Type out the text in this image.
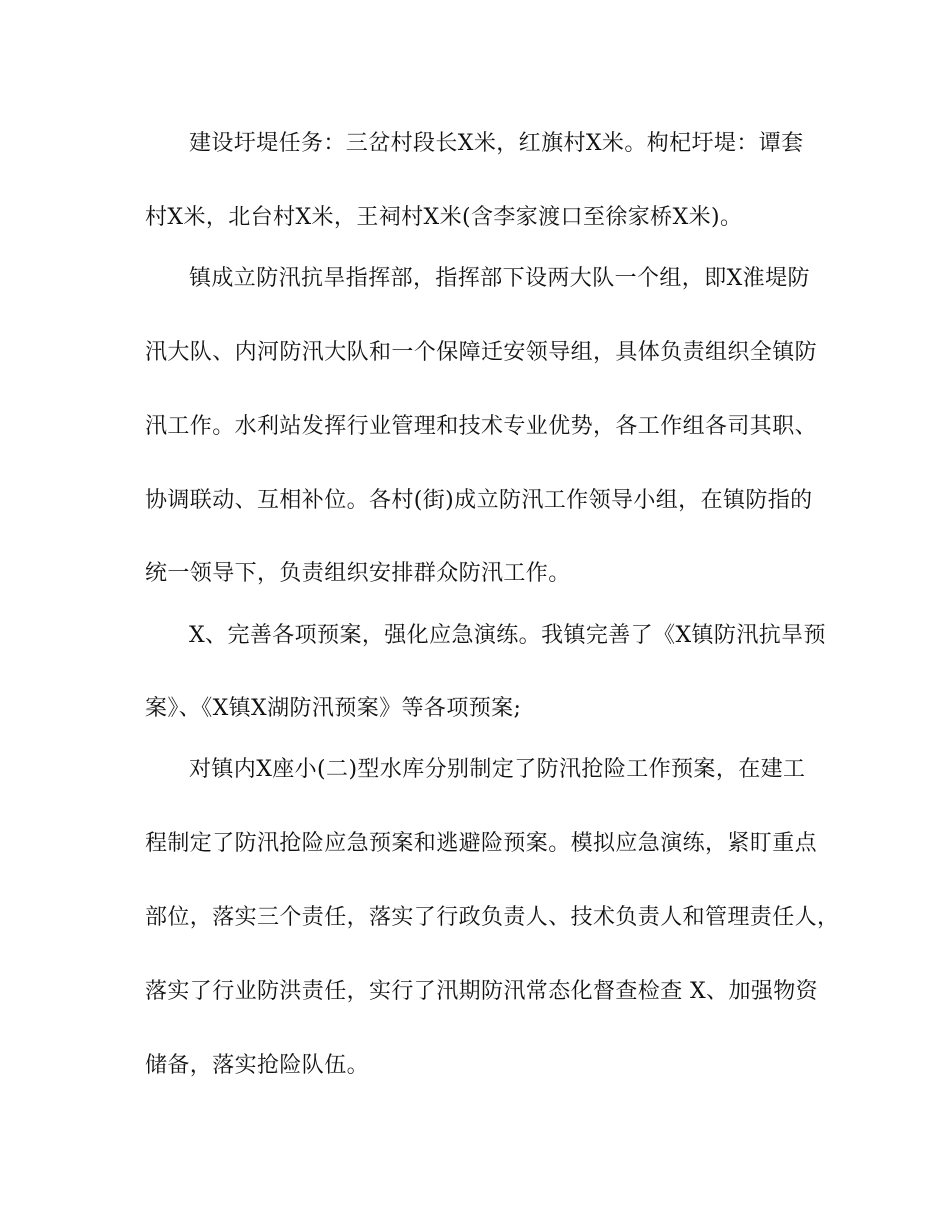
建设圩堤任务：三岔村段长X米，红旗村X米。枸杞圩堤：谭套
村X米，北台村X米，王祠村X米(含李家渡口至徐家桥X米)。
镇成立防汛抗旱指挥部，指挥部下设两大队一个组，即X淮堤防
汛大队、内河防汛大队和一个保障迁安领导组，具体负责组织全镇防
汛工作。水利站发挥行业管理和技术专业优势，各工作组各司其职、
协调联动、互相补位。各村(街)成立防汛工作领导小组，在镇防指的
统一领导下，负责组织安排群众防汛工作。
X、完善各项预案，强化应急演练。我镇完善了《X镇防汛抗旱预
案》、《X镇X湖防汛预案》等各项预案;
对镇内X座小(二)型水库分别制定了防汛抢险工作预案，在建工
程制定了防汛抢险应急预案和逃避险预案。模拟应急演练，紧盯重点
部位，落实三个责任，落实了行政负责人、技术负责人和管理责任人，
落实了行业防洪责任，实行了汛期防汛常态化督查检查 X、加强物资
储备，落实抢险队伍。
